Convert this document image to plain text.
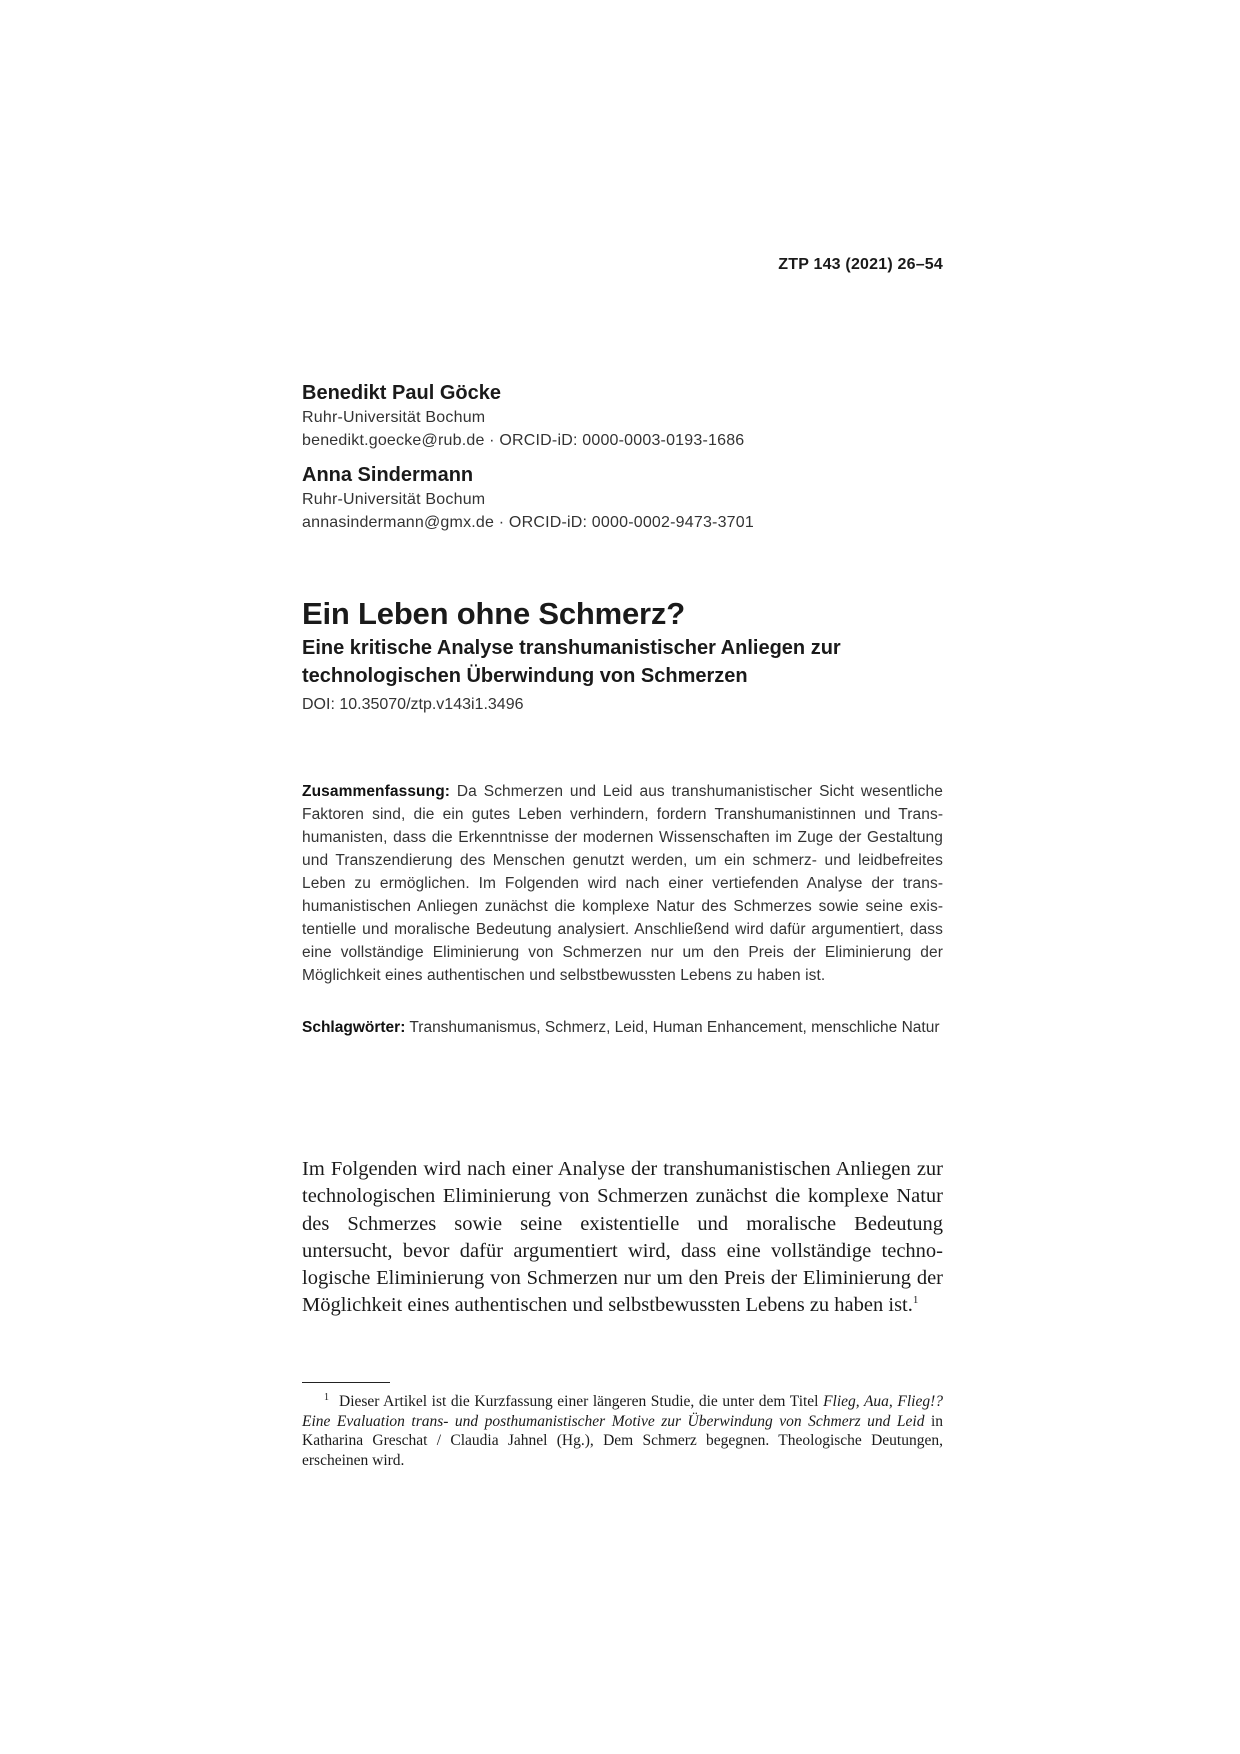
ZTP 143 (2021) 26–54
Benedikt Paul Göcke
Ruhr-Universität Bochum
benedikt.goecke@rub.de · ORCID-iD: 0000-0003-0193-1686
Anna Sindermann
Ruhr-Universität Bochum
annasindermann@gmx.de · ORCID-iD: 0000-0002-9473-3701
Ein Leben ohne Schmerz?
Eine kritische Analyse transhumanistischer Anliegen zur
technologischen Überwindung von Schmerzen
DOI: 10.35070/ztp.v143i1.3496
Zusammenfassung: Da Schmerzen und Leid aus transhumanistischer Sicht wesentliche Faktoren sind, die ein gutes Leben verhindern, fordern Transhumanistinnen und Transhumanisten, dass die Erkenntnisse der modernen Wissenschaften im Zuge der Gestaltung und Transzendierung des Menschen genutzt werden, um ein schmerz- und leidbefreites Leben zu ermöglichen. Im Folgenden wird nach einer vertiefenden Analyse der transhumanistischen Anliegen zunächst die komplexe Natur des Schmerzes sowie seine existentielle und moralische Bedeutung analysiert. Anschließend wird dafür argumentiert, dass eine vollständige Eliminierung von Schmerzen nur um den Preis der Eliminierung der Möglichkeit eines authentischen und selbstbewussten Lebens zu haben ist.
Schlagwörter: Transhumanismus, Schmerz, Leid, Human Enhancement, menschliche Natur
Im Folgenden wird nach einer Analyse der transhumanistischen Anliegen zur technologischen Eliminierung von Schmerzen zunächst die komplexe Natur des Schmerzes sowie seine existentielle und moralische Bedeutung untersucht, bevor dafür argumentiert wird, dass eine vollständige technologische Eliminierung von Schmerzen nur um den Preis der Eliminierung der Möglichkeit eines authentischen und selbstbewussten Lebens zu haben ist.$^1$
$^1$ Dieser Artikel ist die Kurzfassung einer längeren Studie, die unter dem Titel Flieg, Aua, Flieg!? Eine Evaluation trans- und posthumanistischer Motive zur Überwindung von Schmerz und Leid in Katharina Greschat / Claudia Jahnel (Hg.), Dem Schmerz begegnen. Theologische Deutungen, erscheinen wird.
